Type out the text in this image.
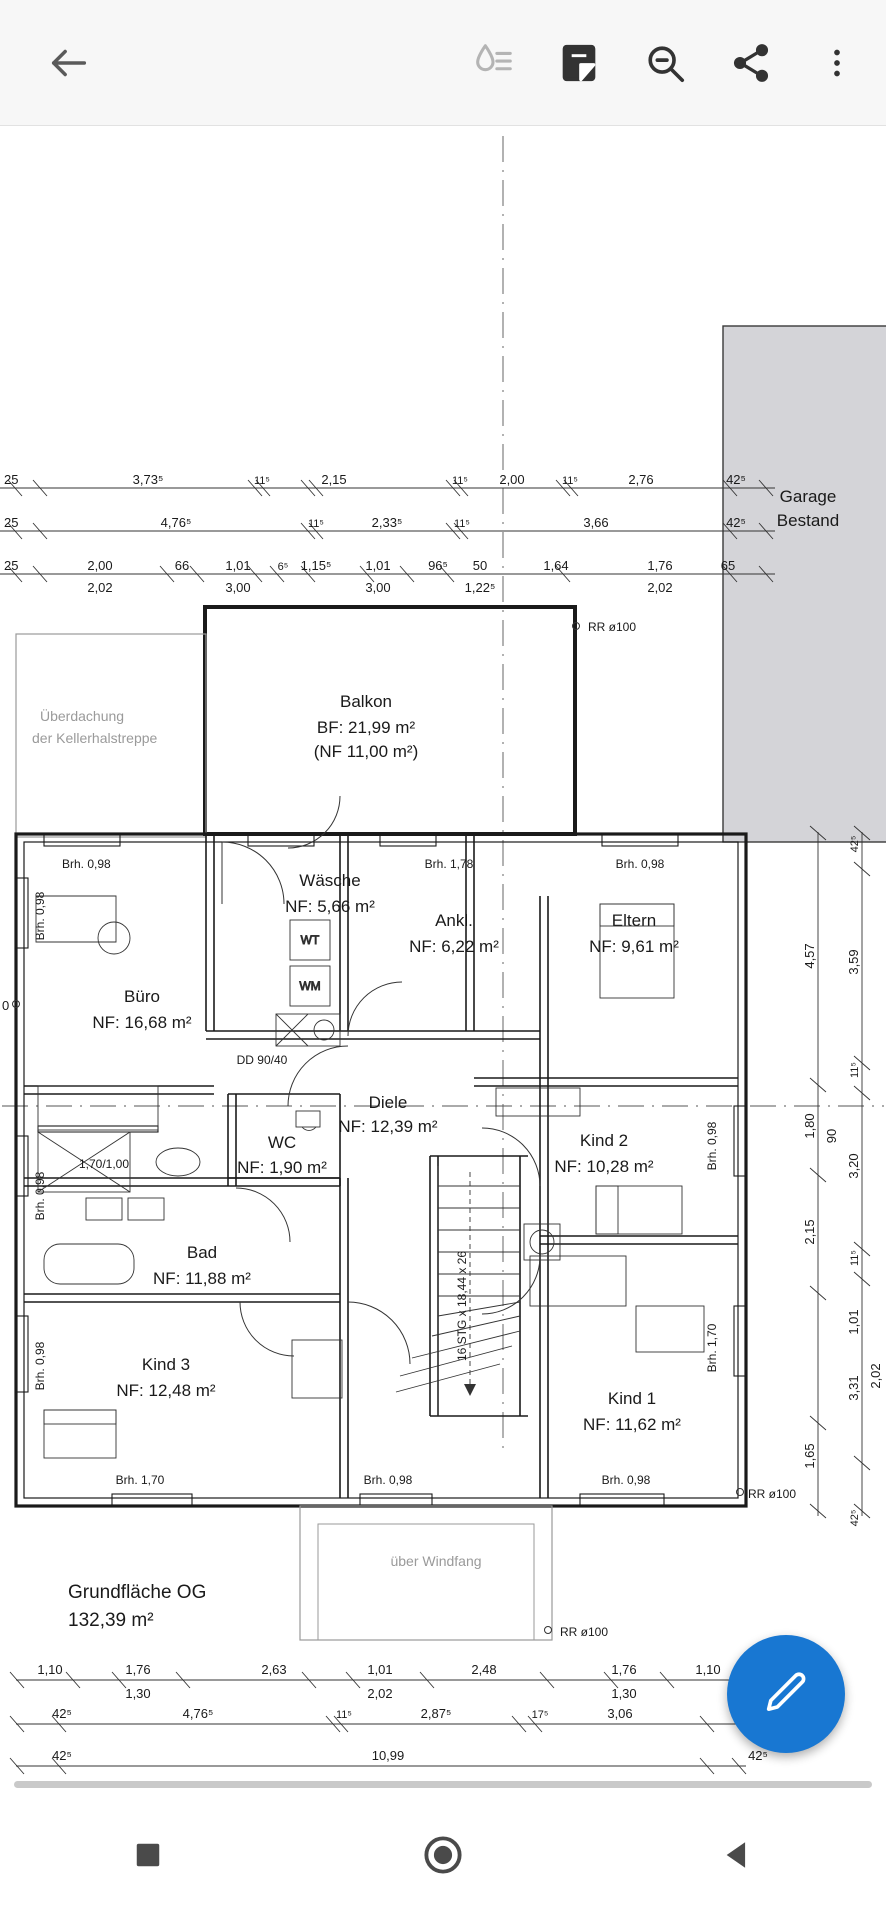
Garage
Bestand
25	3,73⁵	11⁵	2,15	11⁵ 2,00	11⁵	2,76	42⁵
25	4,76⁵	11⁵	2,33⁵	11⁵	3,66	42⁵
25	2,00	66	1,01 6⁵ 1,15⁵	1,01	96⁵ 50	1,64	1,76	65
2,02	3,00	3,00	1,22⁵	2,02
Überdachung
der Kellerhalstreppe
Balkon
BF: 21,99 m²
(NF 11,00 m²)
RR ø100
Brh. 0,98	Brh. 1,78	Brh. 0,98
Brh. 0,98
Brh. 0,98
Brh. 0,98
Brh. 0,98
Brh. 1,70
Brh. 1,70	Brh. 0,98	Brh. 0,98
Büro
NF: 16,68 m²
Wäsche
NF: 5,66 m²
Ankl.
NF: 6,22 m²
Eltern
NF: 9,61 m²
Diele
NF: 12,39 m²
WC
NF: 1,90 m²
Kind 2
NF: 10,28 m²
Bad
NF: 11,88 m²
Kind 3
NF: 12,48 m²	Kind 1
NF: 11,62 m²
16 STG x 18,44 x 26
WT
WM
DD 90/40
1,70/1,00
0
RR ø100
4,57
1,80 90
2,15
1,65
42⁵
3,59
11⁵
3,20
11⁵
1,01
3,31 2,02
42⁵
über Windfang
RR ø100
Grundfläche OG
132,39 m²
1,10	1,76	2,63	1,01	2,48	1,76	1,10
1,30	2,02	1,30
42⁵	4,76⁵	11⁵	2,87⁵	17⁵	3,06
42⁵	10,99	42⁵
